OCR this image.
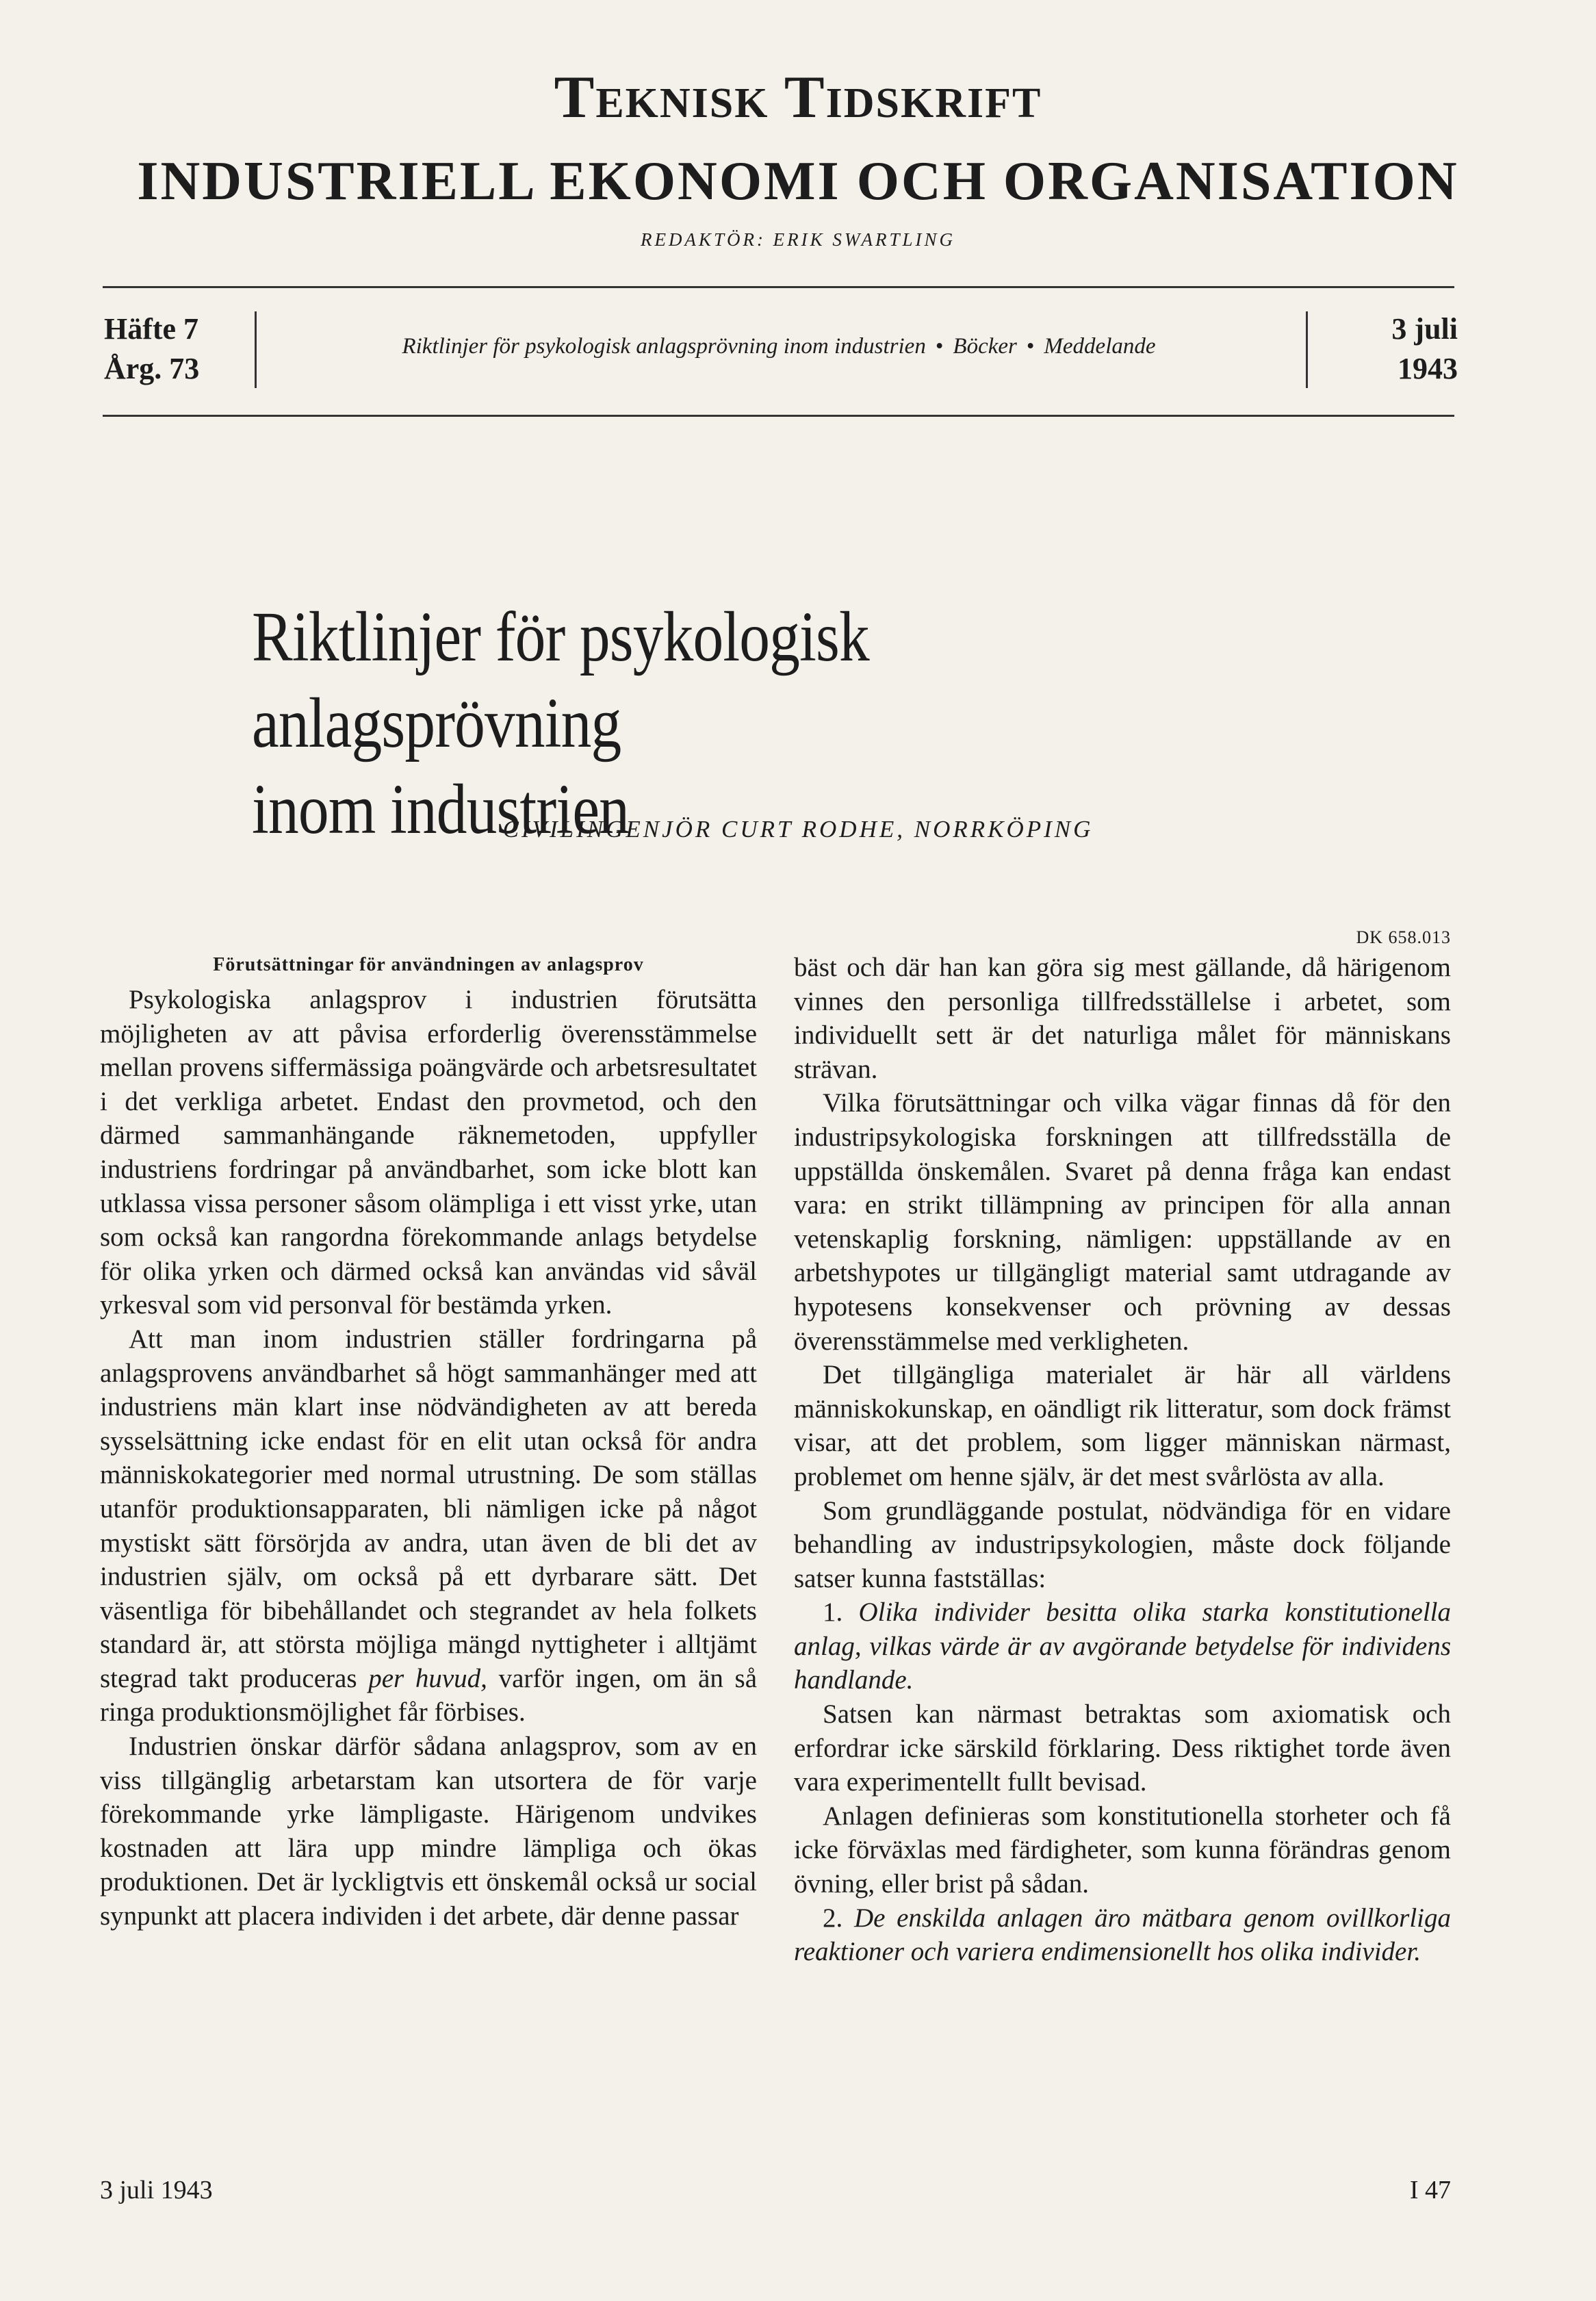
Teknisk Tidskrift
INDUSTRIELL EKONOMI OCH ORGANISATION
REDAKTÖR: ERIK SWARTLING
Häfte 7
Årg. 73
Riktlinjer för psykologisk anlagsprövning inom industrien • Böcker • Meddelande
3 juli
1943
Riktlinjer för psykologisk anlagsprövning
inom industrien
CIVILINGENJÖR CURT RODHE, NORRKÖPING
Förutsättningar för användningen av anlagsprov

Psykologiska anlagsprov i industrien förutsätta möjligheten av att påvisa erforderlig överensstämmelse mellan provens siffermässiga poängvärde och arbetsresultatet i det verkliga arbetet. Endast den provmetod, och den därmed sammanhängande räknemetoden, uppfyller industriens fordringar på användbarhet, som icke blott kan utklassa vissa personer såsom olämpliga i ett visst yrke, utan som också kan rangordna förekommande anlags betydelse för olika yrken och därmed också kan användas vid såväl yrkesval som vid personval för bestämda yrken.

Att man inom industrien ställer fordringarna på anlagsprovens användbarhet så högt sammanhänger med att industriens män klart inse nödvändigheten av att bereda sysselsättning icke endast för en elit utan också för andra människokategorier med normal utrustning. De som ställas utanför produktionsapparaten, bli nämligen icke på något mystiskt sätt försörjda av andra, utan även de bli det av industrien själv, om också på ett dyrbarare sätt. Det väsentliga för bibehållandet och stegrandet av hela folkets standard är, att största möjliga mängd nyttigheter i alltjämt stegrad takt produceras per huvud, varför ingen, om än så ringa produktionsmöjlighet får förbises.

Industrien önskar därför sådana anlagsprov, som av en viss tillgänglig arbetarstam kan utsortera de för varje förekommande yrke lämpligaste. Härigenom undvikes kostnaden att lära upp mindre lämpliga och ökas produktionen. Det är lyckligtvis ett önskemål också ur social synpunkt att placera individen i det arbete, där denne passar

DK 658.013

bäst och där han kan göra sig mest gällande, då härigenom vinnes den personliga tillfredsställelse i arbetet, som individuellt sett är det naturliga målet för människans strävan.

Vilka förutsättningar och vilka vägar finnas då för den industripsykologiska forskningen att tillfredsställa de uppställda önskemålen. Svaret på denna fråga kan endast vara: en strikt tillämpning av principen för alla annan vetenskaplig forskning, nämligen: uppställande av en arbetshypotes ur tillgängligt material samt utdragande av hypotesens konsekvenser och prövning av dessas överensstämmelse med verkligheten.

Det tillgängliga materialet är här all världens människokunskap, en oändligt rik litteratur, som dock främst visar, att det problem, som ligger människan närmast, problemet om henne själv, är det mest svårlösta av alla.

Som grundläggande postulat, nödvändiga för en vidare behandling av industripsykologien, måste dock följande satser kunna fastställas:

1. Olika individer besitta olika starka konstitutionella anlag, vilkas värde är av avgörande betydelse för individens handlande.

Satsen kan närmast betraktas som axiomatisk och erfordrar icke särskild förklaring. Dess riktighet torde även vara experimentellt fullt bevisad.

Anlagen definieras som konstitutionella storheter och få icke förväxlas med färdigheter, som kunna förändras genom övning, eller brist på sådan.

2. De enskilda anlagen äro mätbara genom ovillkorliga reaktioner och variera endimensionellt hos olika individer.

3 juli 1943	I 47
